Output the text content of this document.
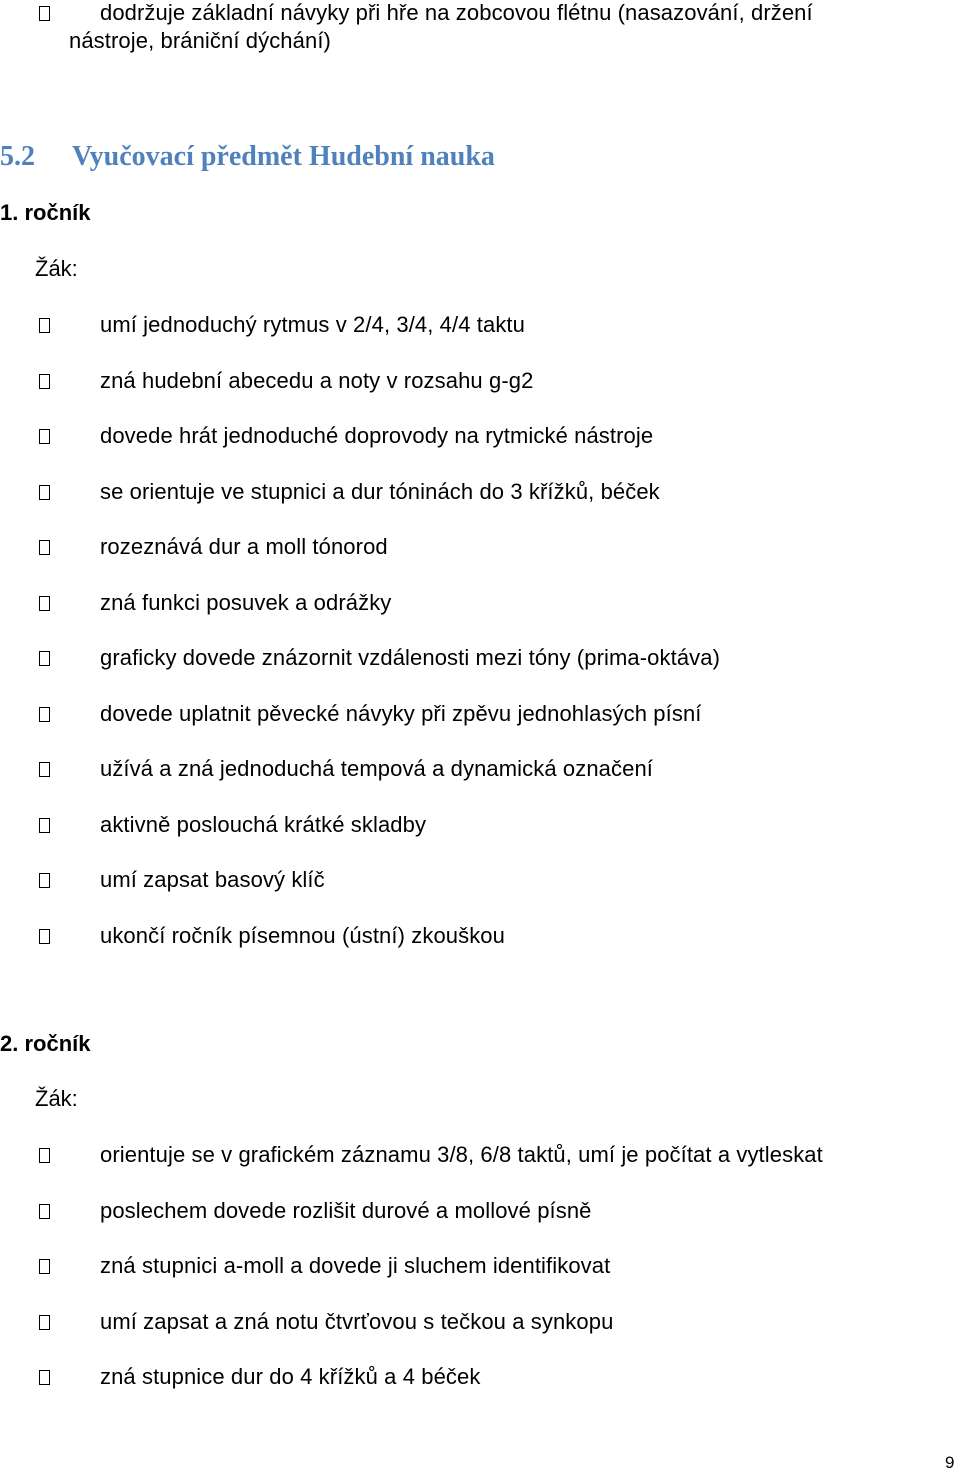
dodržuje základní návyky při hře na zobcovou flétnu (nasazování, držení
nástroje, brániční dýchání)
5.2 Vyučovací předmět Hudební nauka
1. ročník
Žák:
umí jednoduchý rytmus v 2/4, 3/4, 4/4 taktu
zná hudební abecedu a noty v rozsahu g-g2
dovede hrát jednoduché doprovody na rytmické nástroje
se orientuje ve stupnici a dur tóninách do 3 křížků, béček
rozeznává dur a moll tónorod
zná funkci posuvek a odrážky
graficky dovede znázornit vzdálenosti mezi tóny (prima-oktáva)
dovede uplatnit pěvecké návyky při zpěvu jednohlasých písní
užívá a zná jednoduchá tempová a dynamická označení
aktivně poslouchá krátké skladby
umí zapsat basový klíč
ukončí ročník písemnou (ústní) zkouškou
2. ročník
Žák:
orientuje se v grafickém záznamu 3/8, 6/8 taktů, umí je počítat a vytleskat
poslechem dovede rozlišit durové a mollové písně
zná stupnici a-moll a dovede ji sluchem identifikovat
umí zapsat a zná notu čtvrťovou s tečkou a synkopu
zná stupnice dur do 4 křížků a 4 béček
9
